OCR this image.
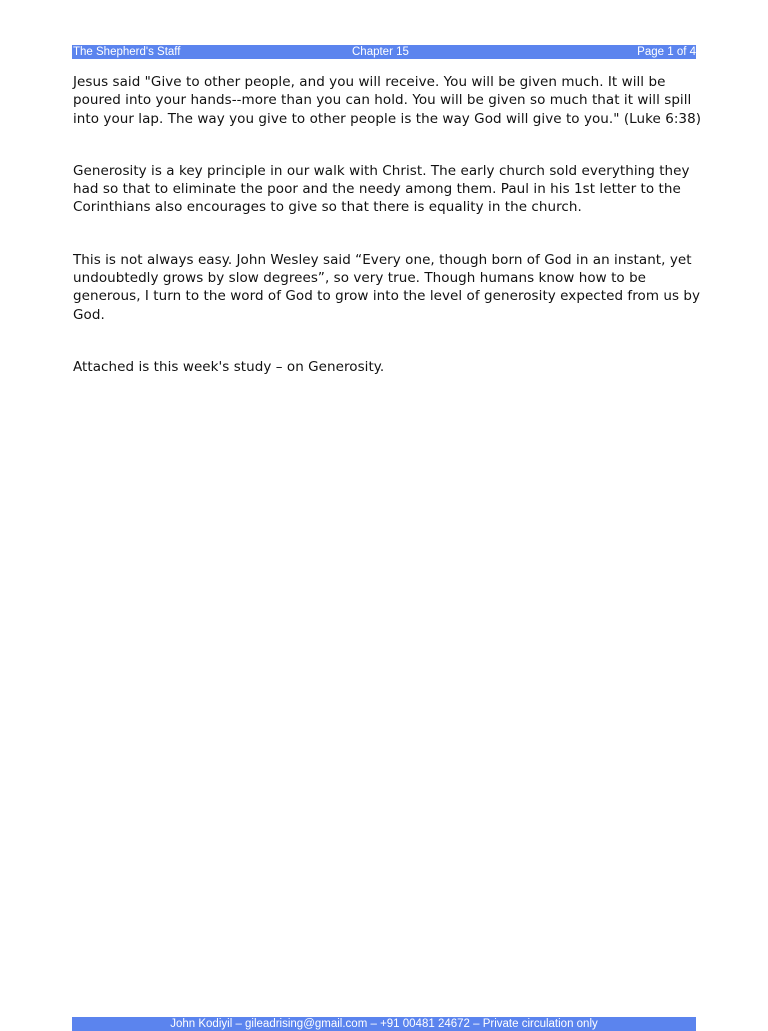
The Shepherd's Staff	Chapter 15	Page 1 of 4

Jesus said "Give to other people, and you will receive. You will be given much. It will be poured into your hands--more than you can hold. You will be given so much that it will spill into your lap. The way you give to other people is the way God will give to you." (Luke 6:38)

Generosity is a key principle in our walk with Christ. The early church sold everything they had so that to eliminate the poor and the needy among them. Paul in his 1st letter to the Corinthians also encourages to give so that there is equality in the church.

This is not always easy. John Wesley said “Every one, though born of God in an instant, yet undoubtedly grows by slow degrees”, so very true. Though humans know how to be generous, I turn to the word of God to grow into the level of generosity expected from us by God.

Attached is this week's study – on Generosity.

John Kodiyil – gileadrising@gmail.com – +91 00481 24672 – Private circulation only
